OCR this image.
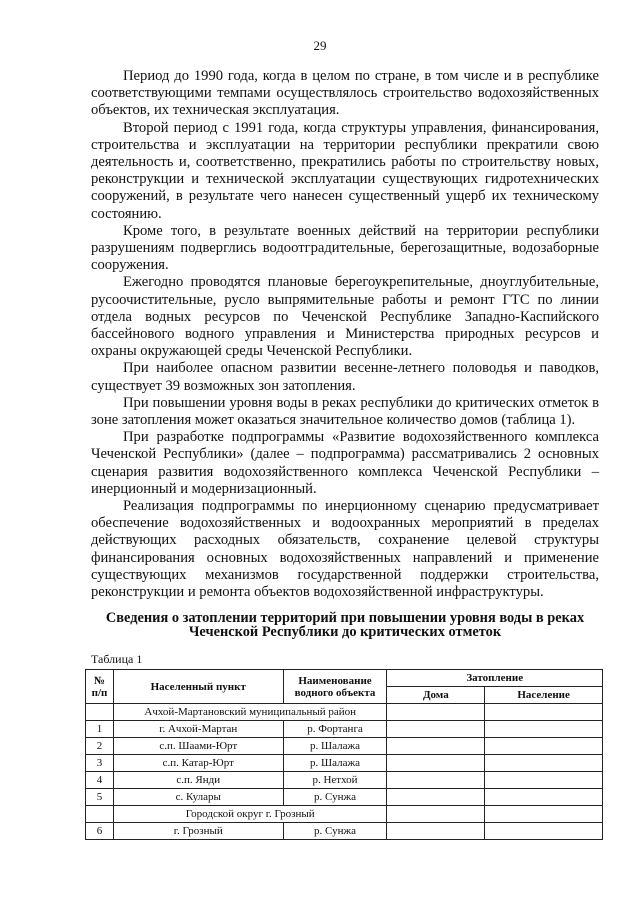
29

Период до 1990 года, когда в целом по стране, в том числе и в республике соответствующими темпами осуществлялось строительство водохозяйственных объектов, их техническая эксплуатация.

Второй период с 1991 года, когда структуры управления, финансирования, строительства и эксплуатации на территории республики прекратили свою деятельность и, соответственно, прекратились работы по строительству новых, реконструкции и технической эксплуатации существующих гидротехнических сооружений, в результате чего нанесен существенный ущерб их техническому состоянию.

Кроме того, в результате военных действий на территории республики разрушениям подверглись водоотградительные, берегозащитные, водозаборные сооружения.

Ежегодно проводятся плановые берегоукрепительные, дноуглубительные, русоочистительные, русло выпрямительные работы и ремонт ГТС по линии отдела водных ресурсов по Чеченской Республике Западно-Каспийского бассейнового водного управления и Министерства природных ресурсов и охраны окружающей среды Чеченской Республики.

При наиболее опасном развитии весенне-летнего половодья и паводков, существует 39 возможных зон затопления.

При повышении уровня воды в реках республики до критических отметок в зоне затопления может оказаться значительное количество домов (таблица 1).

При разработке подпрограммы «Развитие водохозяйственного комплекса Чеченской Республики» (далее – подпрограмма) рассматривались 2 основных сценария развития водохозяйственного комплекса Чеченской Республики – инерционный и модернизационный.

Реализация подпрограммы по инерционному сценарию предусматривает обеспечение водохозяйственных и водоохранных мероприятий в пределах действующих расходных обязательств, сохранение целевой структуры финансирования основных водохозяйственных направлений и применение существующих механизмов государственной поддержки строительства, реконструкции и ремонта объектов водохозяйственной инфраструктуры.

Сведения о затоплении территорий при повышении уровня воды в реках Чеченской Республики до критических отметок
Таблица 1
№ п/п	Населенный пункт	Наименование водного объекта	Затопление	
			Дома	Население
	Ачхой-Мартановский муниципальный район			
1	г. Ачхой-Мартан	р. Фортанга		
2	с.п. Шаами-Юрт	р. Шалажа		
3	с.п. Катар-Юрт	р. Шалажа		
4	с.п. Янди	р. Нетхой		
5	с. Кулары	р. Сунжа		
	Городской округ г. Грозный			
6	г. Грозный	р. Сунжа		
